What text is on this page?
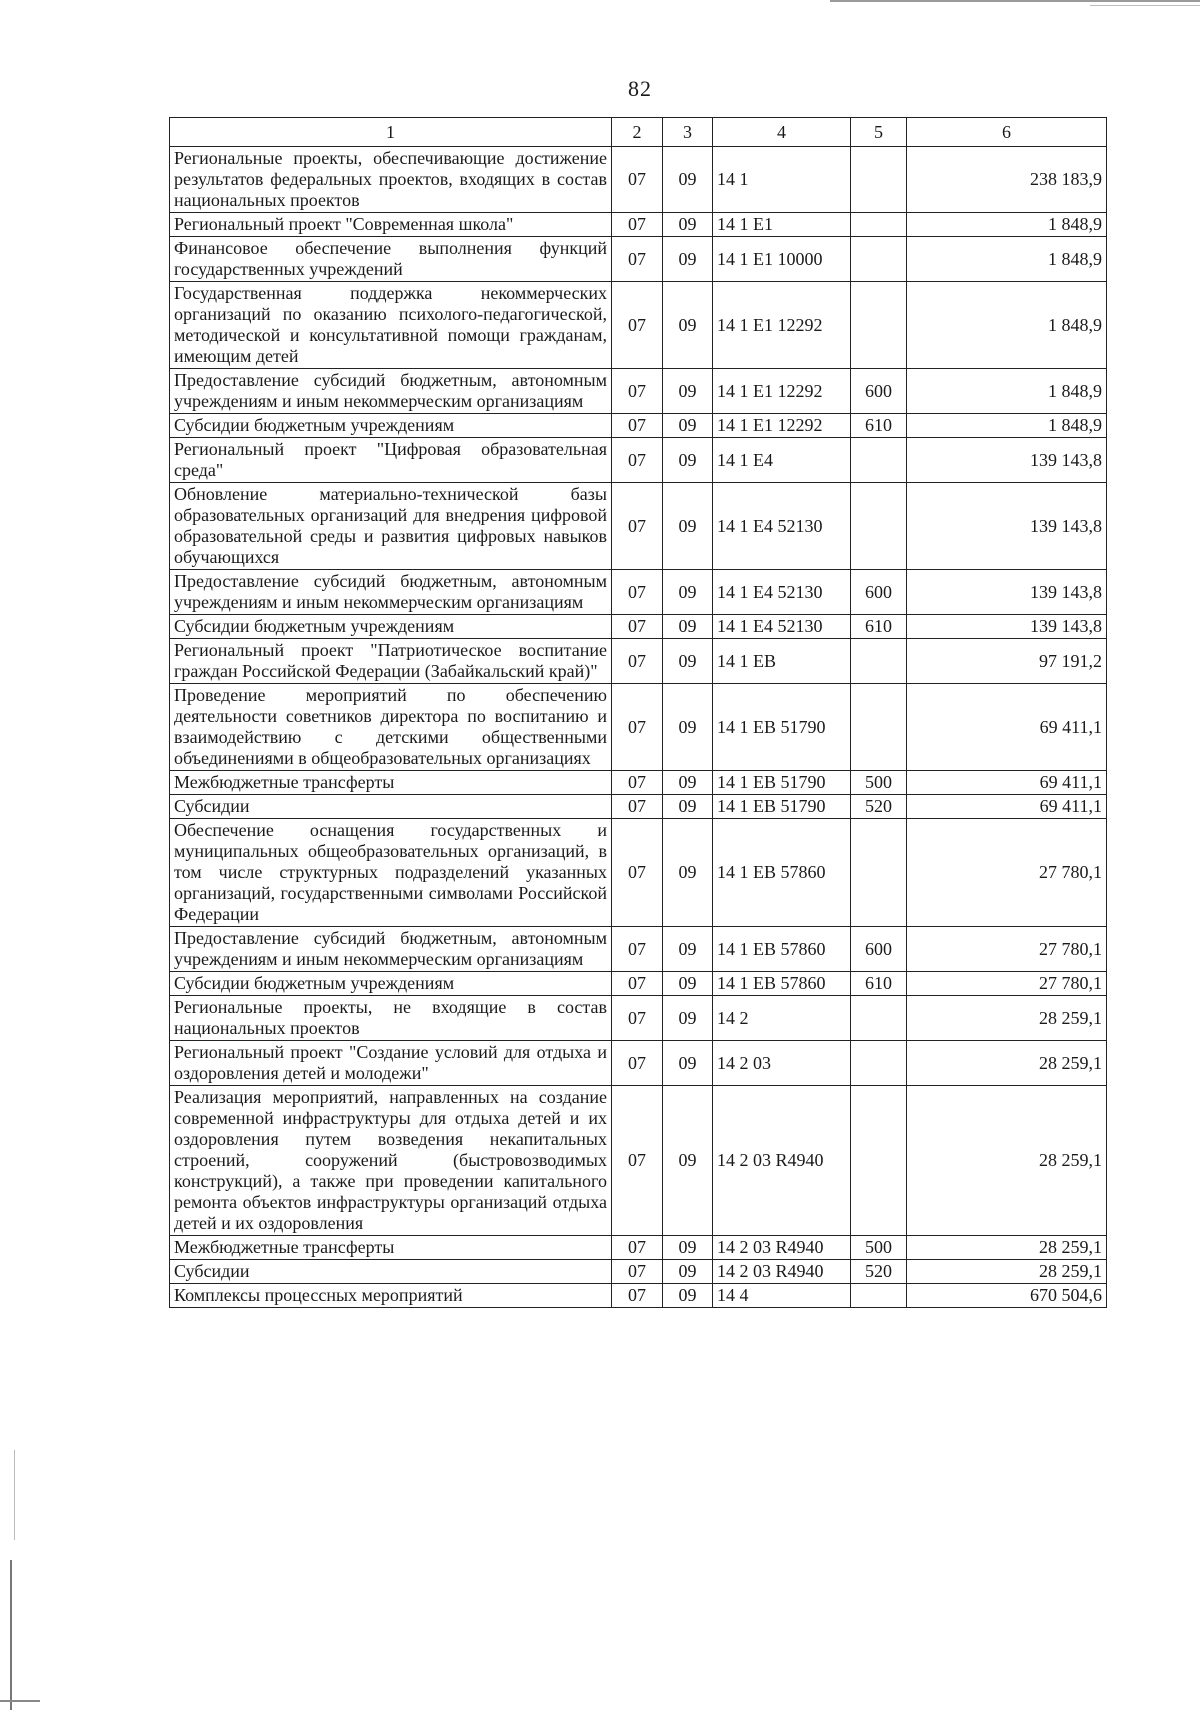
82
1	2	3	4	5	6
Региональные проекты, обеспечивающие достижение результатов федеральных проектов, входящих в состав национальных проектов	07	09	14 1		238 183,9
Региональный проект "Современная школа"	07	09	14 1 E1		1 848,9
Финансовое обеспечение выполнения функций государственных учреждений	07	09	14 1 E1 10000		1 848,9
Государственная поддержка некоммерческих организаций по оказанию психолого-педагогической, методической и консультативной помощи гражданам, имеющим детей	07	09	14 1 E1 12292		1 848,9
Предоставление субсидий бюджетным, автономным учреждениям и иным некоммерческим организациям	07	09	14 1 E1 12292	600	1 848,9
Субсидии бюджетным учреждениям	07	09	14 1 E1 12292	610	1 848,9
Региональный проект "Цифровая образовательная среда"	07	09	14 1 E4		139 143,8
Обновление материально-технической базы образовательных организаций для внедрения цифровой образовательной среды и развития цифровых навыков обучающихся	07	09	14 1 E4 52130		139 143,8
Предоставление субсидий бюджетным, автономным учреждениям и иным некоммерческим организациям	07	09	14 1 E4 52130	600	139 143,8
Субсидии бюджетным учреждениям	07	09	14 1 E4 52130	610	139 143,8
Региональный проект "Патриотическое воспитание граждан Российской Федерации (Забайкальский край)"	07	09	14 1 EB		97 191,2
Проведение мероприятий по обеспечению деятельности советников директора по воспитанию и взаимодействию с детскими общественными объединениями в общеобразовательных организациях	07	09	14 1 EB 51790		69 411,1
Межбюджетные трансферты	07	09	14 1 EB 51790	500	69 411,1
Субсидии	07	09	14 1 EB 51790	520	69 411,1
Обеспечение оснащения государственных и муниципальных общеобразовательных организаций, в том числе структурных подразделений указанных организаций, государственными символами Российской Федерации	07	09	14 1 EB 57860		27 780,1
Предоставление субсидий бюджетным, автономным учреждениям и иным некоммерческим организациям	07	09	14 1 EB 57860	600	27 780,1
Субсидии бюджетным учреждениям	07	09	14 1 EB 57860	610	27 780,1
Региональные проекты, не входящие в состав национальных проектов	07	09	14 2		28 259,1
Региональный проект "Создание условий для отдыха и оздоровления детей и молодежи"	07	09	14 2 03		28 259,1
Реализация мероприятий, направленных на создание современной инфраструктуры для отдыха детей и их оздоровления путем возведения некапитальных строений, сооружений (быстровозводимых конструкций), а также при проведении капитального ремонта объектов инфраструктуры организаций отдыха детей и их оздоровления	07	09	14 2 03 R4940		28 259,1
Межбюджетные трансферты	07	09	14 2 03 R4940	500	28 259,1
Субсидии	07	09	14 2 03 R4940	520	28 259,1
Комплексы процессных мероприятий	07	09	14 4		670 504,6
